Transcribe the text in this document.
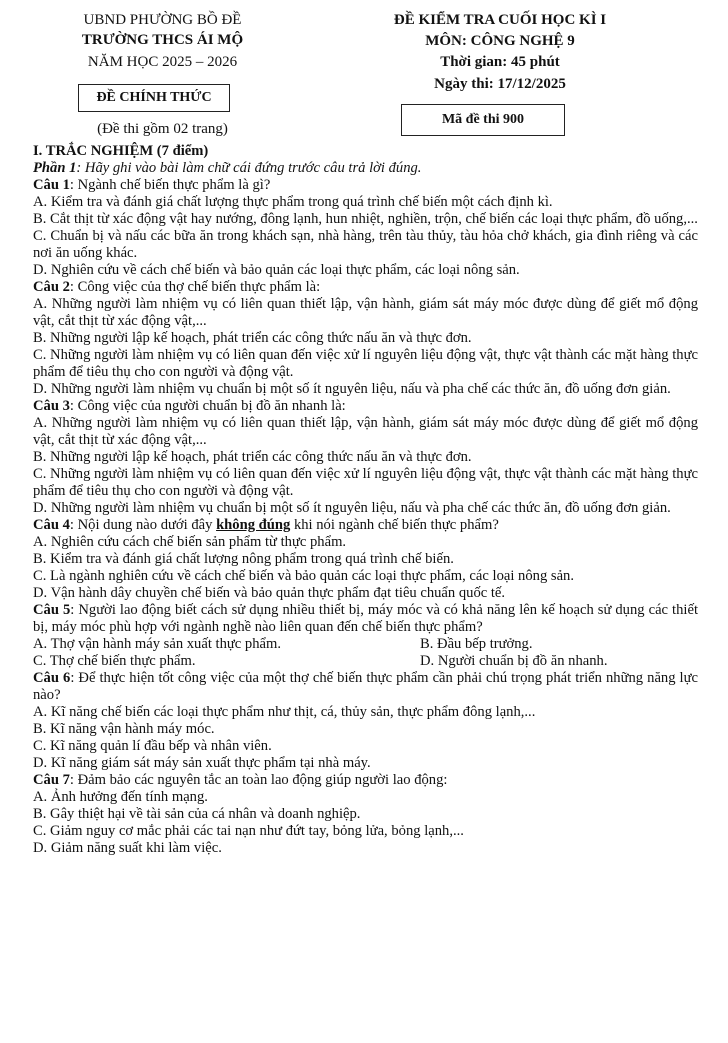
UBND PHƯỜNG BỒ ĐỀ
TRƯỜNG THCS ÁI MỘ
NĂM HỌC 2025 – 2026
ĐỀ CHÍNH THỨC
(Đề thi gồm 02 trang)
ĐỀ KIỂM TRA CUỐI HỌC KÌ I
MÔN: CÔNG NGHỆ 9
Thời gian: 45 phút
Ngày thi: 17/12/2025
Mã đề thi 900
I. TRẮC NGHIỆM (7 điểm)
Phần 1: Hãy ghi vào bài làm chữ cái đứng trước câu trả lời đúng.
Câu 1: Ngành chế biến thực phẩm là gì?
A. Kiểm tra và đánh giá chất lượng thực phẩm trong quá trình chế biến một cách định kì.
B. Cắt thịt từ xác động vật hay nướng, đông lạnh, hun nhiệt, nghiền, trộn, chế biến các loại thực phẩm, đồ uống,...
C. Chuẩn bị và nấu các bữa ăn trong khách sạn, nhà hàng, trên tàu thủy, tàu hỏa chở khách, gia đình riêng và các nơi ăn uống khác.
D. Nghiên cứu về cách chế biến và bảo quản các loại thực phẩm, các loại nông sản.
Câu 2: Công việc của thợ chế biến thực phẩm là:
A. Những người làm nhiệm vụ có liên quan thiết lập, vận hành, giám sát máy móc được dùng để giết mổ động vật, cắt thịt từ xác động vật,...
B. Những người lập kế hoạch, phát triển các công thức nấu ăn và thực đơn.
C. Những người làm nhiệm vụ có liên quan đến việc xử lí nguyên liệu động vật, thực vật thành các mặt hàng thực phẩm để tiêu thụ cho con người và động vật.
D. Những người làm nhiệm vụ chuẩn bị một số ít nguyên liệu, nấu và pha chế các thức ăn, đồ uống đơn giản.
Câu 3: Công việc của người chuẩn bị đồ ăn nhanh là:
A. Những người làm nhiệm vụ có liên quan thiết lập, vận hành, giám sát máy móc được dùng để giết mổ động vật, cắt thịt từ xác động vật,...
B. Những người lập kế hoạch, phát triển các công thức nấu ăn và thực đơn.
C. Những người làm nhiệm vụ có liên quan đến việc xử lí nguyên liệu động vật, thực vật thành các mặt hàng thực phẩm để tiêu thụ cho con người và động vật.
D. Những người làm nhiệm vụ chuẩn bị một số ít nguyên liệu, nấu và pha chế các thức ăn, đồ uống đơn giản.
Câu 4: Nội dung nào dưới đây không đúng khi nói ngành chế biến thực phẩm?
A. Nghiên cứu cách chế biến sản phẩm từ thực phẩm.
B. Kiểm tra và đánh giá chất lượng nông phẩm trong quá trình chế biến.
C. Là ngành nghiên cứu về cách chế biến và bảo quản các loại thực phẩm, các loại nông sản.
D. Vận hành dây chuyền chế biến và bảo quản thực phẩm đạt tiêu chuẩn quốc tế.
Câu 5: Người lao động biết cách sử dụng nhiều thiết bị, máy móc và có khả năng lên kế hoạch sử dụng các thiết bị, máy móc phù hợp với ngành nghề nào liên quan đến chế biến thực phẩm?
A. Thợ vận hành máy sản xuất thực phẩm.	B. Đầu bếp trưởng.
C. Thợ chế biến thực phẩm.	D. Người chuẩn bị đồ ăn nhanh.
Câu 6: Để thực hiện tốt công việc của một thợ chế biến thực phẩm cần phải chú trọng phát triển những năng lực nào?
A. Kĩ năng chế biến các loại thực phẩm như thịt, cá, thủy sản, thực phẩm đông lạnh,...
B. Kĩ năng vận hành máy móc.
C. Kĩ năng quản lí đầu bếp và nhân viên.
D. Kĩ năng giám sát máy sản xuất thực phẩm tại nhà máy.
Câu 7: Đảm bảo các nguyên tắc an toàn lao động giúp người lao động:
A. Ảnh hưởng đến tính mạng.
B. Gây thiệt hại về tài sản của cá nhân và doanh nghiệp.
C. Giảm nguy cơ mắc phải các tai nạn như đứt tay, bỏng lửa, bỏng lạnh,...
D. Giảm năng suất khi làm việc.
